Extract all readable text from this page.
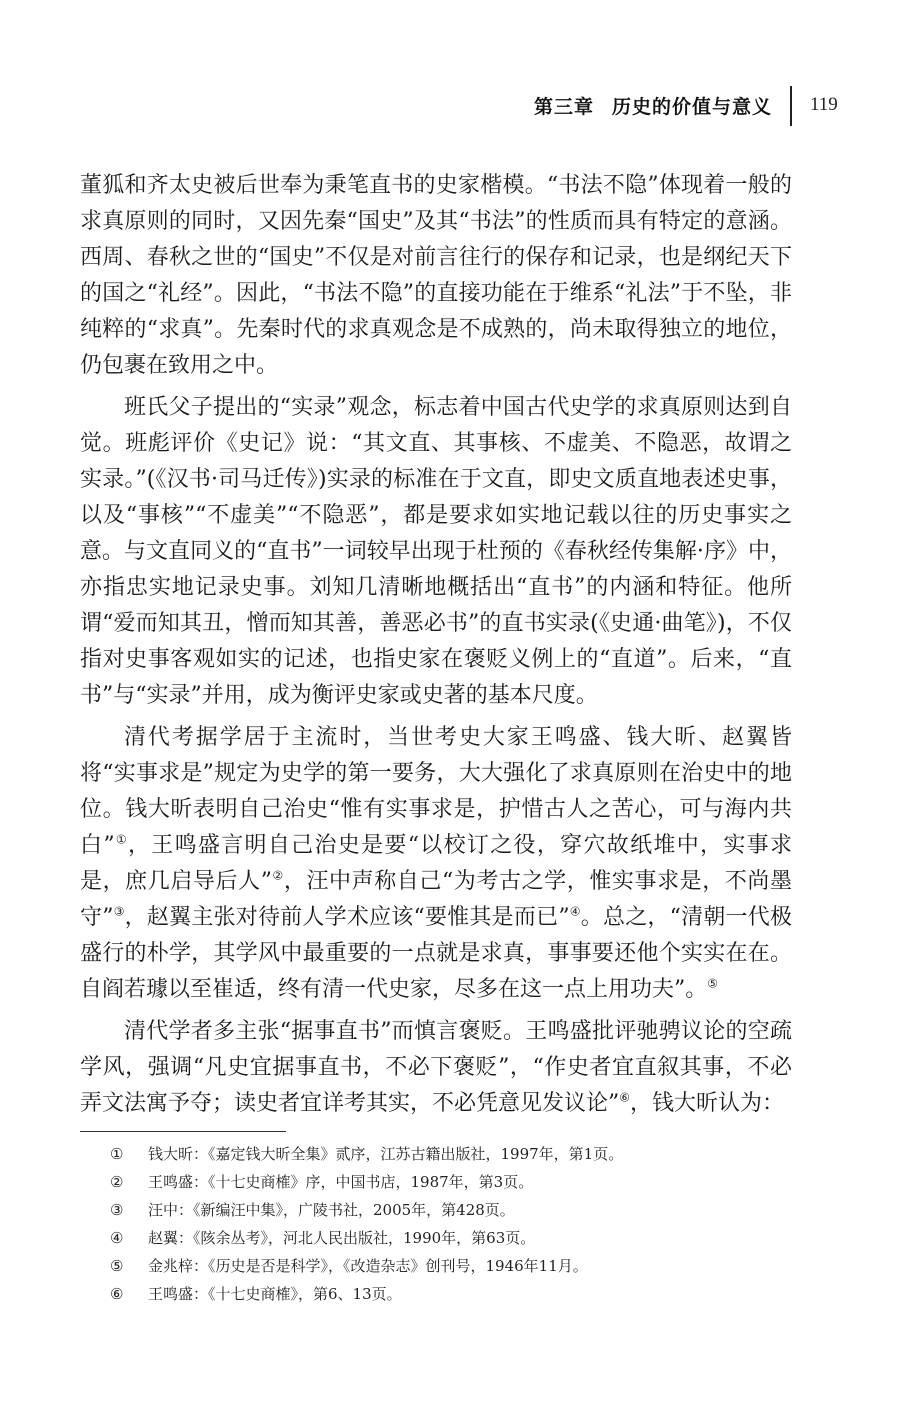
第三章 历史的价值与意义 119

董狐和齐太史被后世奉为秉笔直书的史家楷模。“书法不隐”体现着一般的求真原则的同时，又因先秦“国史”及其“书法”的性质而具有特定的意涵。西周、春秋之世的“国史”不仅是对前言往行的保存和记录，也是纲纪天下的国之“礼经”。因此，“书法不隐”的直接功能在于维系“礼法”于不坠，非纯粹的“求真”。先秦时代的求真观念是不成熟的，尚未取得独立的地位，仍包裹在致用之中。

班氏父子提出的“实录”观念，标志着中国古代史学的求真原则达到自觉。班彪评价《史记》说：“其文直、其事核、不虚美、不隐恶，故谓之实录。”(《汉书·司马迁传》)实录的标准在于文直，即史文质直地表述史事，以及“事核”“不虚美”“不隐恶”，都是要求如实地记载以往的历史事实之意。与文直同义的“直书”一词较早出现于杜预的《春秋经传集解·序》中，亦指忠实地记录史事。刘知几清晰地概括出“直书”的内涵和特征。他所谓“爱而知其丑，憎而知其善，善恶必书”的直书实录(《史通·曲笔》)，不仅指对史事客观如实的记述，也指史家在褒贬义例上的“直道”。后来，“直书”与“实录”并用，成为衡评史家或史著的基本尺度。

清代考据学居于主流时，当世考史大家王鸣盛、钱大昕、赵翼皆将“实事求是”规定为史学的第一要务，大大强化了求真原则在治史中的地位。钱大昕表明自己治史“惟有实事求是，护惜古人之苦心，可与海内共白”①，王鸣盛言明自己治史是要“以校订之役，穿穴故纸堆中，实事求是，庶几启导后人”②，汪中声称自己“为考古之学，惟实事求是，不尚墨守”③，赵翼主张对待前人学术应该“要惟其是而已”④。总之，“清朝一代极盛行的朴学，其学风中最重要的一点就是求真，事事要还他个实实在在。自阎若璩以至崔适，终有清一代史家，尽多在这一点上用功夫”。⑤

清代学者多主张“据事直书”而慎言褒贬。王鸣盛批评驰骋议论的空疏学风，强调“凡史宜据事直书，不必下褒贬”，“作史者宜直叙其事，不必弄文法寓予夺；读史者宜详考其实，不必凭意见发议论”⑥，钱大昕认为：

①	钱大昕：《嘉定钱大昕全集》贰序，江苏古籍出版社，1997年，第1页。
②	王鸣盛：《十七史商榷》序，中国书店，1987年，第3页。
③	汪中：《新编汪中集》，广陵书社，2005年，第428页。
④	赵翼：《陔余丛考》，河北人民出版社，1990年，第63页。
⑤	金兆梓：《历史是否是科学》，《改造杂志》创刊号，1946年11月。
⑥	王鸣盛：《十七史商榷》，第6、13页。
